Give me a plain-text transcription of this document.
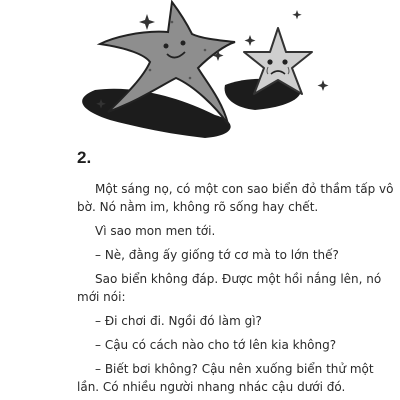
2.

Một sáng nọ, có một con sao biển đỏ thầm tấp vô

bờ. Nó nằm im, không rõ sống hay chết.

Vì sao mon men tới.

– Nè, đằng ấy giống tớ cơ mà to lớn thế?

Sao biển không đáp. Được một hồi nắng lên, nó

mới nói:

– Đi chơi đi. Ngồi đó làm gì?

– Cậu có cách nào cho tớ lên kia không?

– Biết bơi không? Cậu nên xuống biển thử một

lần. Có nhiều người nhang nhác cậu dưới đó.
